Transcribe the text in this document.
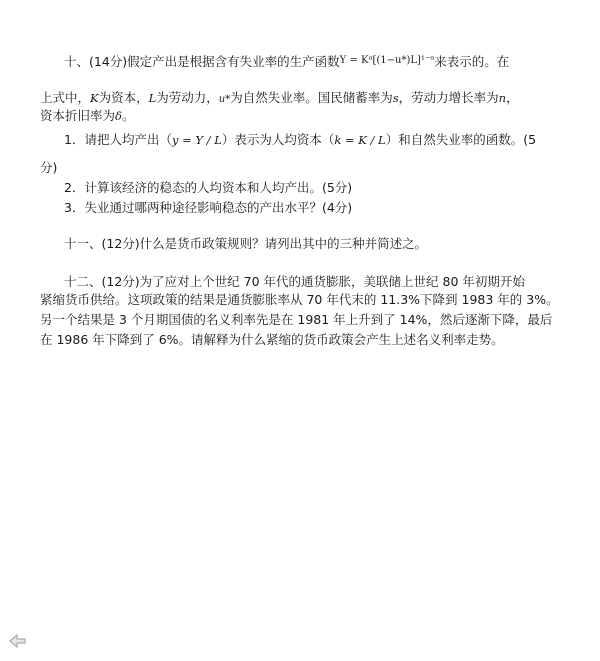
十、(14分)假定产出是根据含有失业率的生产函数Y = Kᵅ[(1−u*)L]¹⁻ᵅ来表示的。在
上式中，K为资本，L为劳动力，u*为自然失业率。国民储蓄率为s，劳动力增长率为n，
资本折旧率为δ。
1．请把人均产出（y = Y / L）表示为人均资本（k = K / L）和自然失业率的函数。(5
分)
2．计算该经济的稳态的人均资本和人均产出。(5分)
3．失业通过哪两种途径影响稳态的产出水平？(4分)
十一、(12分)什么是货币政策规则？请列出其中的三种并简述之。
十二、(12分)为了应对上个世纪 70 年代的通货膨胀，美联储上世纪 80 年初期开始
紧缩货币供给。这项政策的结果是通货膨胀率从 70 年代末的 11.3%下降到 1983 年的 3%。
另一个结果是 3 个月期国债的名义利率先是在 1981 年上升到了 14%，然后逐渐下降，最后
在 1986 年下降到了 6%。请解释为什么紧缩的货币政策会产生上述名义利率走势。
